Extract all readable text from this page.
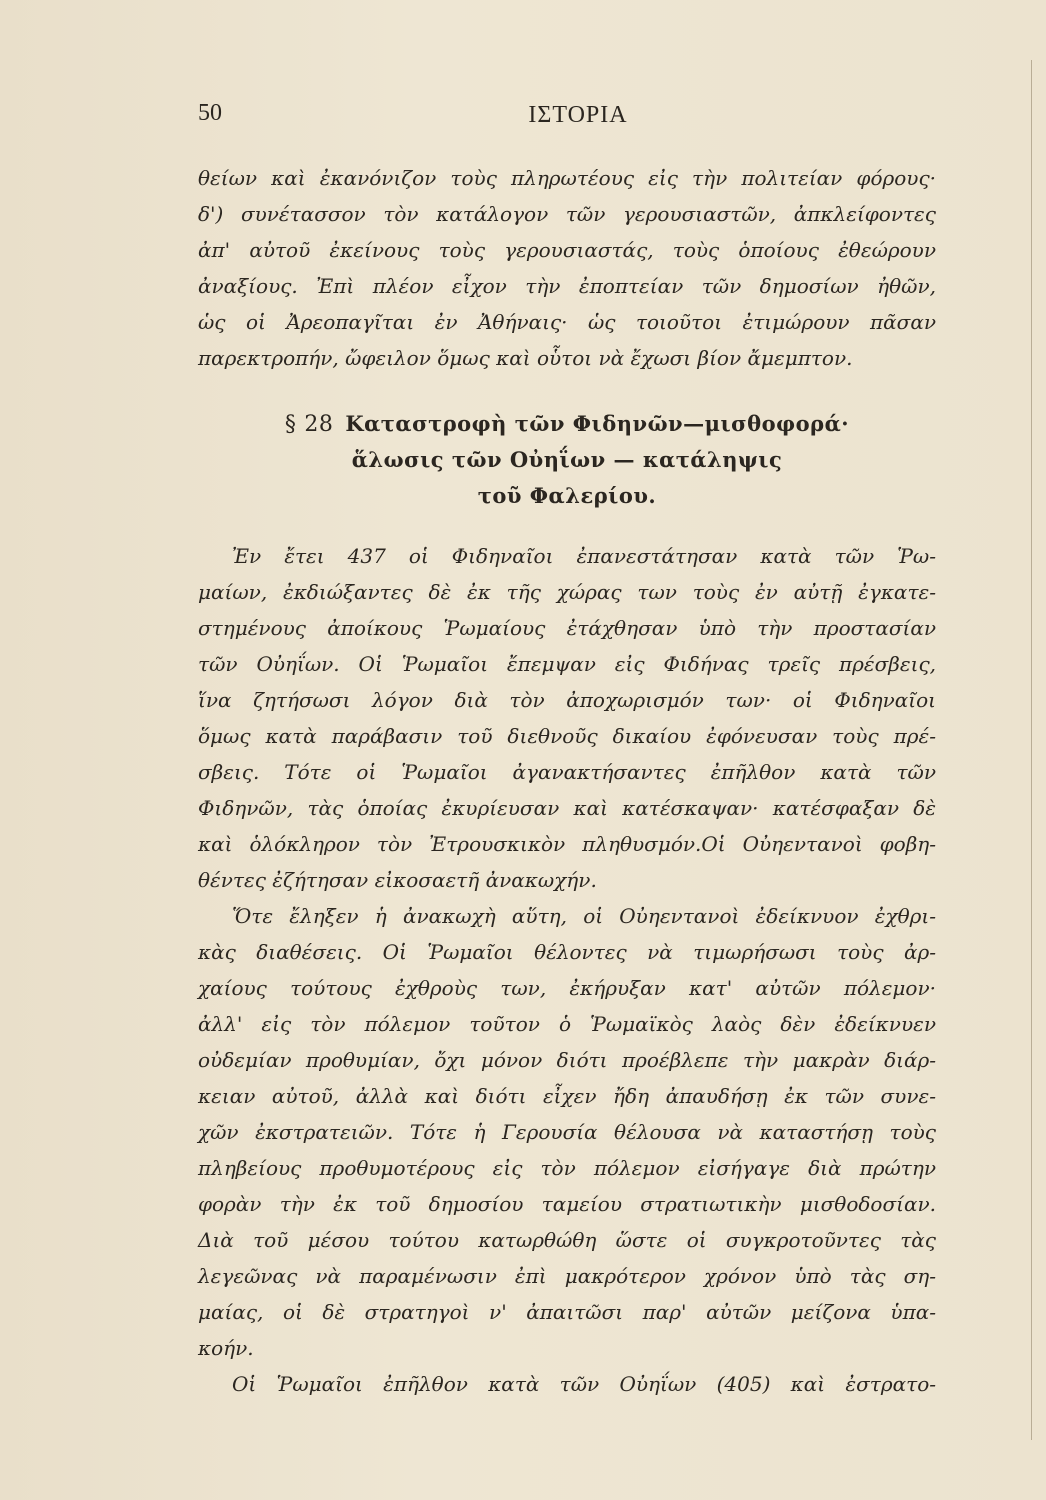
50	ΙΣΤΟΡΙΑ
θείων καὶ ἐκανόνιζον τοὺς πληρωτέους εἰς τὴν πολιτείαν φόρους·
δ') συνέτασσον τὸν κατάλογον τῶν γερουσιαστῶν, ἀπκλείφοντες
ἀπ' αὐτοῦ ἐκείνους τοὺς γερουσιαστάς, τοὺς ὁποίους ἐθεώρουν
ἀναξίους. Ἐπὶ πλέον εἶχον τὴν ἐποπτείαν τῶν δημοσίων ἠθῶν,
ὡς οἱ Ἀρεοπαγῖται ἐν Ἀθήναις· ὡς τοιοῦτοι ἐτιμώρουν πᾶσαν
παρεκτροπήν, ὤφειλον ὅμως καὶ οὗτοι νὰ ἔχωσι βίον ἄμεμπτον.
§ 28 Καταστροφὴ τῶν Φιδηνῶν—μισθοφορά·
ἅλωσις τῶν Οὐηΐων — κατάληψις
τοῦ Φαλερίου.
Ἐν ἔτει 437 οἱ Φιδηναῖοι ἐπανεστάτησαν κατὰ τῶν Ῥω-
μαίων, ἐκδιώξαντες δὲ ἐκ τῆς χώρας των τοὺς ἐν αὐτῇ ἐγκατε-
στημένους ἀποίκους Ῥωμαίους ἐτάχθησαν ὑπὸ τὴν προστασίαν
τῶν Οὐηΐων. Οἱ Ῥωμαῖοι ἔπεμψαν εἰς Φιδήνας τρεῖς πρέσβεις,
ἵνα ζητήσωσι λόγον διὰ τὸν ἀποχωρισμόν των· οἱ Φιδηναῖοι
ὅμως κατὰ παράβασιν τοῦ διεθνοῦς δικαίου ἐφόνευσαν τοὺς πρέ-
σβεις. Τότε οἱ Ῥωμαῖοι ἀγανακτήσαντες ἐπῆλθον κατὰ τῶν
Φιδηνῶν, τὰς ὁποίας ἐκυρίευσαν καὶ κατέσκαψαν· κατέσφαξαν δὲ
καὶ ὁλόκληρον τὸν Ἐτρουσκικὸν πληθυσμόν.Οἱ Οὐηεντανοὶ φοβη-
θέντες ἐζήτησαν εἰκοσαετῆ ἀνακωχήν.
Ὅτε ἔληξεν ἡ ἀνακωχὴ αὕτη, οἱ Οὐηεντανοὶ ἐδείκνυον ἐχθρι-
κὰς διαθέσεις. Οἱ Ῥωμαῖοι θέλοντες νὰ τιμωρήσωσι τοὺς ἀρ-
χαίους τούτους ἐχθροὺς των, ἐκήρυξαν κατ' αὐτῶν πόλεμον·
ἀλλ' εἰς τὸν πόλεμον τοῦτον ὁ Ῥωμαϊκὸς λαὸς δὲν ἐδείκνυεν
οὐδεμίαν προθυμίαν, ὄχι μόνον διότι προέβλεπε τὴν μακρὰν διάρ-
κειαν αὐτοῦ, ἀλλὰ καὶ διότι εἶχεν ἤδη ἀπαυδήσῃ ἐκ τῶν συνε-
χῶν ἐκστρατειῶν. Τότε ἡ Γερουσία θέλουσα νὰ καταστήσῃ τοὺς
πληβείους προθυμοτέρους εἰς τὸν πόλεμον εἰσήγαγε διὰ πρώτην
φορὰν τὴν ἐκ τοῦ δημοσίου ταμείου στρατιωτικὴν μισθοδοσίαν.
Διὰ τοῦ μέσου τούτου κατωρθώθη ὥστε οἱ συγκροτοῦντες τὰς
λεγεῶνας νὰ παραμένωσιν ἐπὶ μακρότερον χρόνον ὑπὸ τὰς ση-
μαίας, οἱ δὲ στρατηγοὶ ν' ἀπαιτῶσι παρ' αὐτῶν μείζονα ὑπα-
κοήν.
Οἱ Ῥωμαῖοι ἐπῆλθον κατὰ τῶν Οὐηΐων (405) καὶ ἐστρατο-
